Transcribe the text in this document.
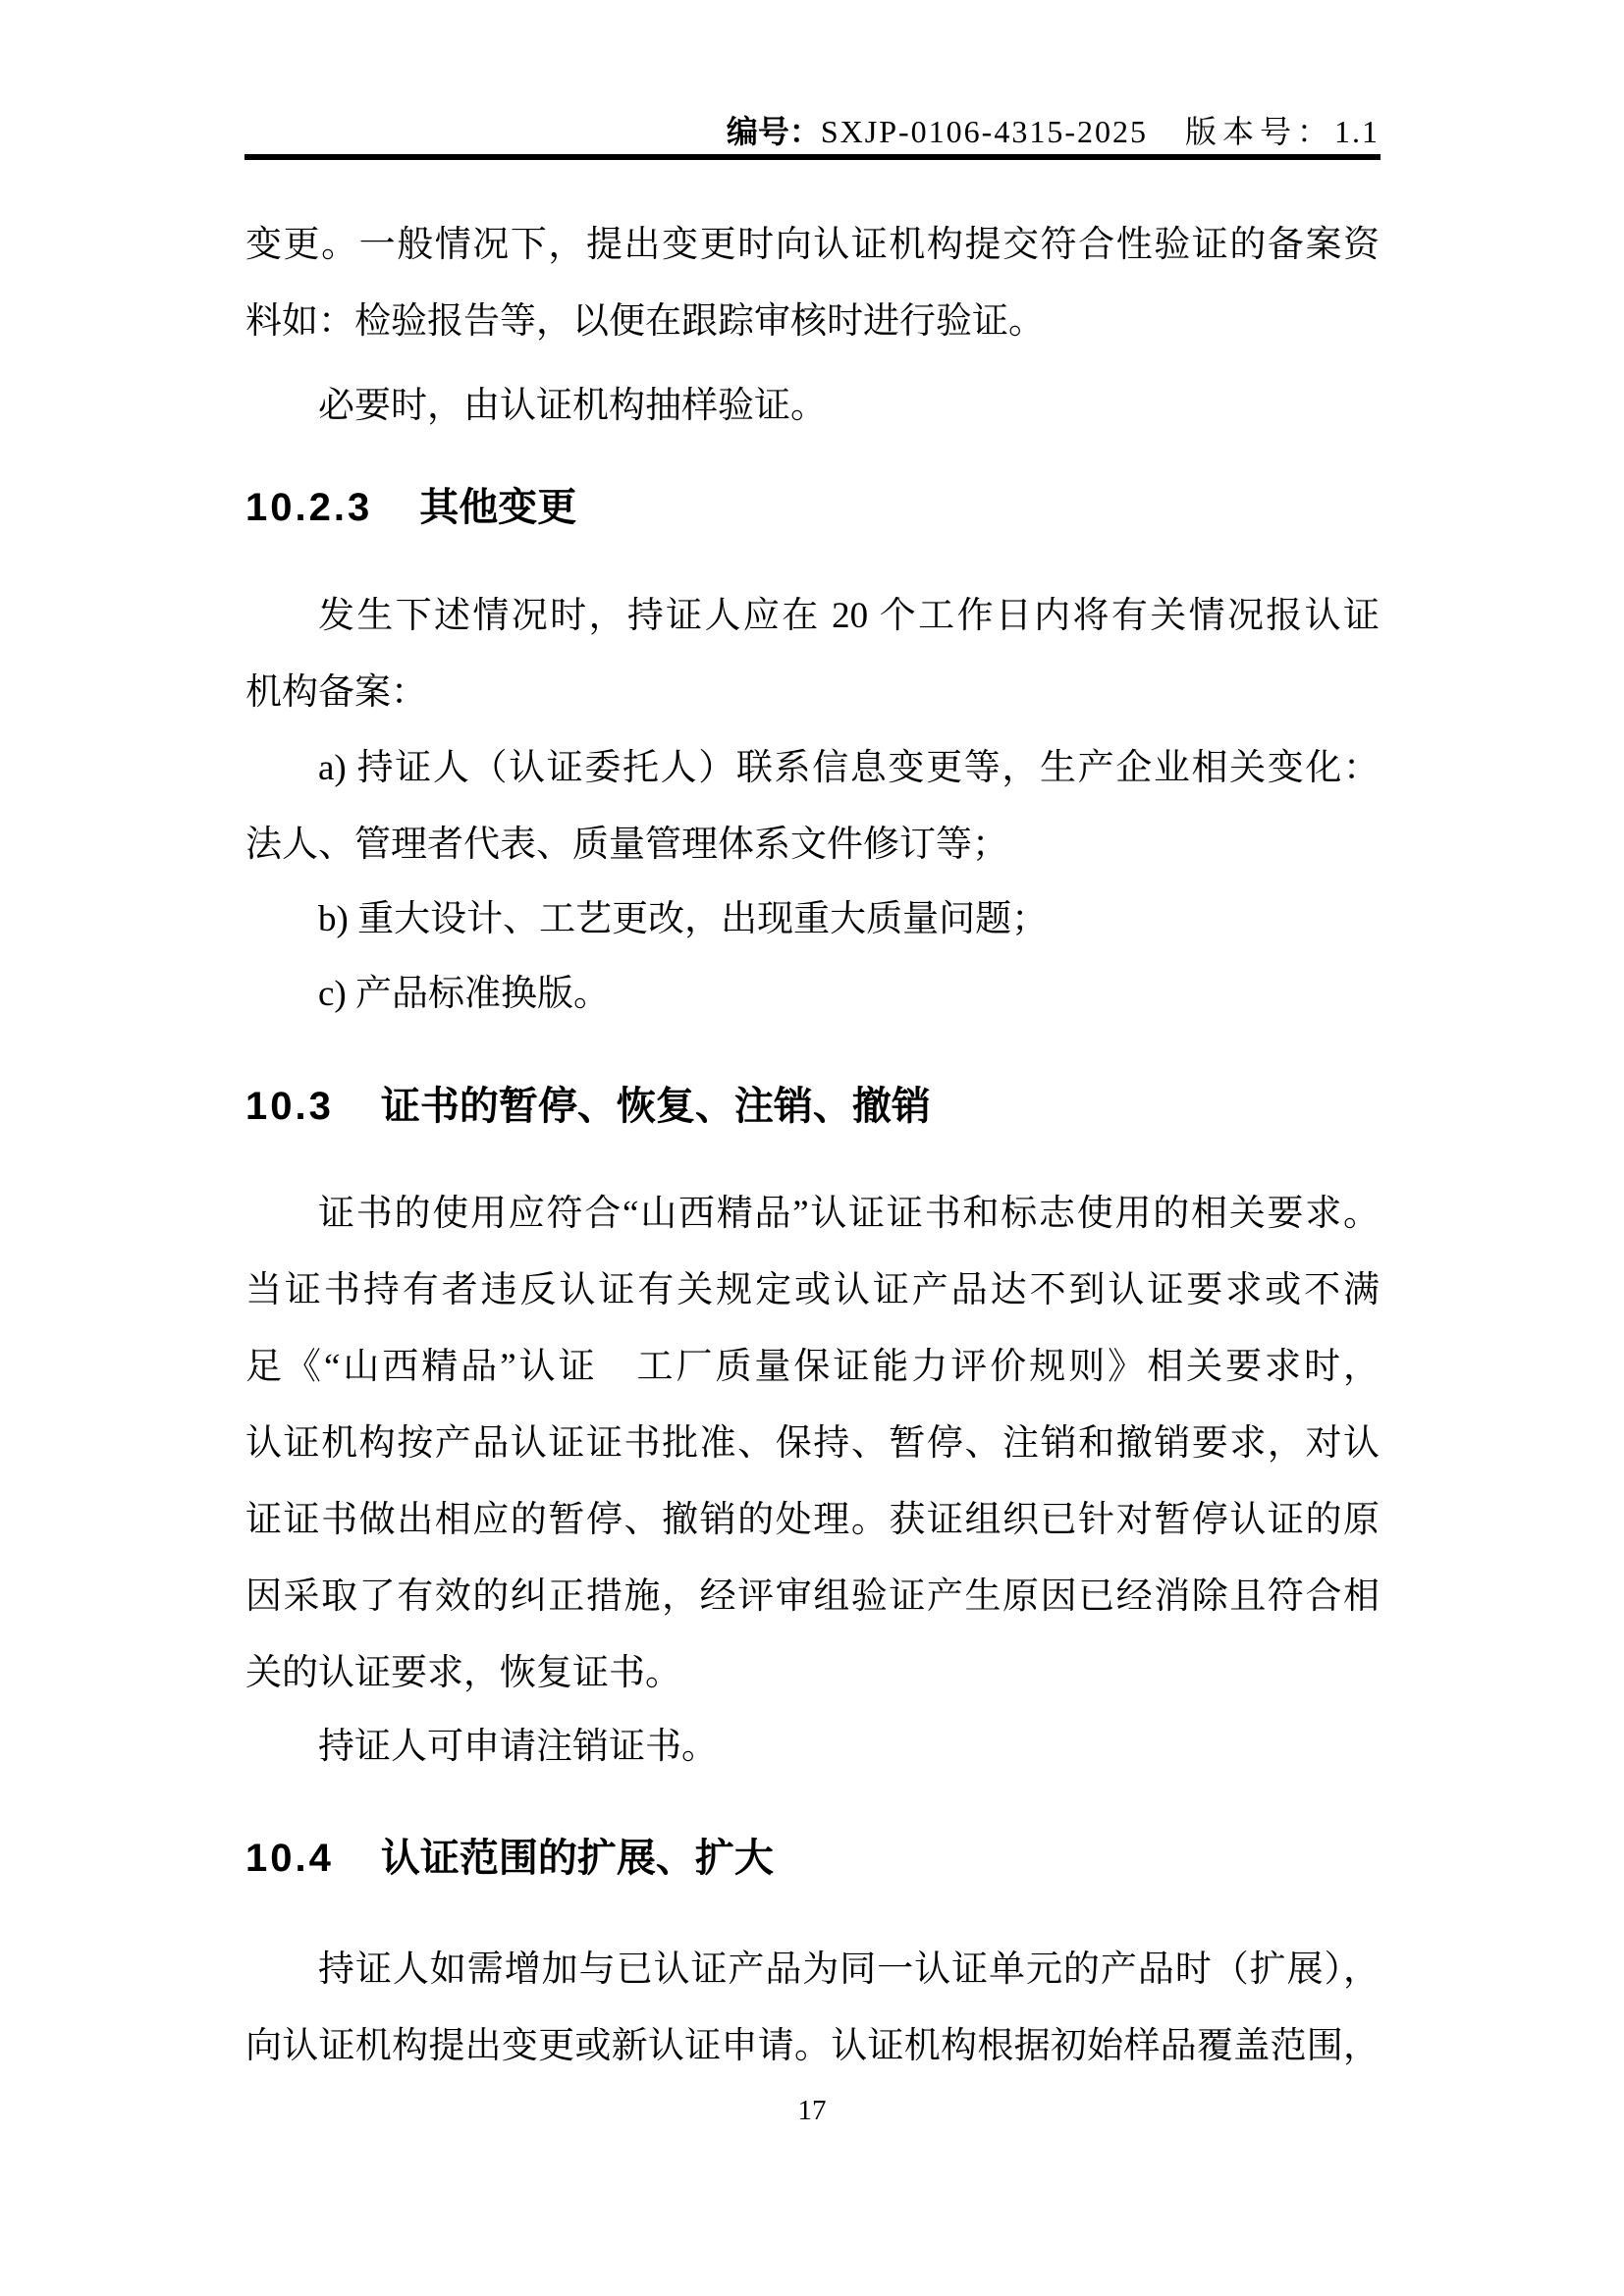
编号：SXJP-0106-4315-2025 版本号：1.1
变更。一般情况下，提出变更时向认证机构提交符合性验证的备案资
料如：检验报告等，以便在跟踪审核时进行验证。
必要时，由认证机构抽样验证。
10.2.3 其他变更
发生下述情况时，持证人应在 20 个工作日内将有关情况报认证
机构备案：
a) 持证人（认证委托人）联系信息变更等，生产企业相关变化：
法人、管理者代表、质量管理体系文件修订等；
b) 重大设计、工艺更改，出现重大质量问题；
c) 产品标准换版。
10.3 证书的暂停、恢复、注销、撤销
证书的使用应符合“山西精品”认证证书和标志使用的相关要求。
当证书持有者违反认证有关规定或认证产品达不到认证要求或不满
足《“山西精品”认证　工厂质量保证能力评价规则》相关要求时，
认证机构按产品认证证书批准、保持、暂停、注销和撤销要求，对认
证证书做出相应的暂停、撤销的处理。获证组织已针对暂停认证的原
因采取了有效的纠正措施，经评审组验证产生原因已经消除且符合相
关的认证要求，恢复证书。
持证人可申请注销证书。
10.4 认证范围的扩展、扩大
持证人如需增加与已认证产品为同一认证单元的产品时（扩展），
向认证机构提出变更或新认证申请。认证机构根据初始样品覆盖范围，
17
